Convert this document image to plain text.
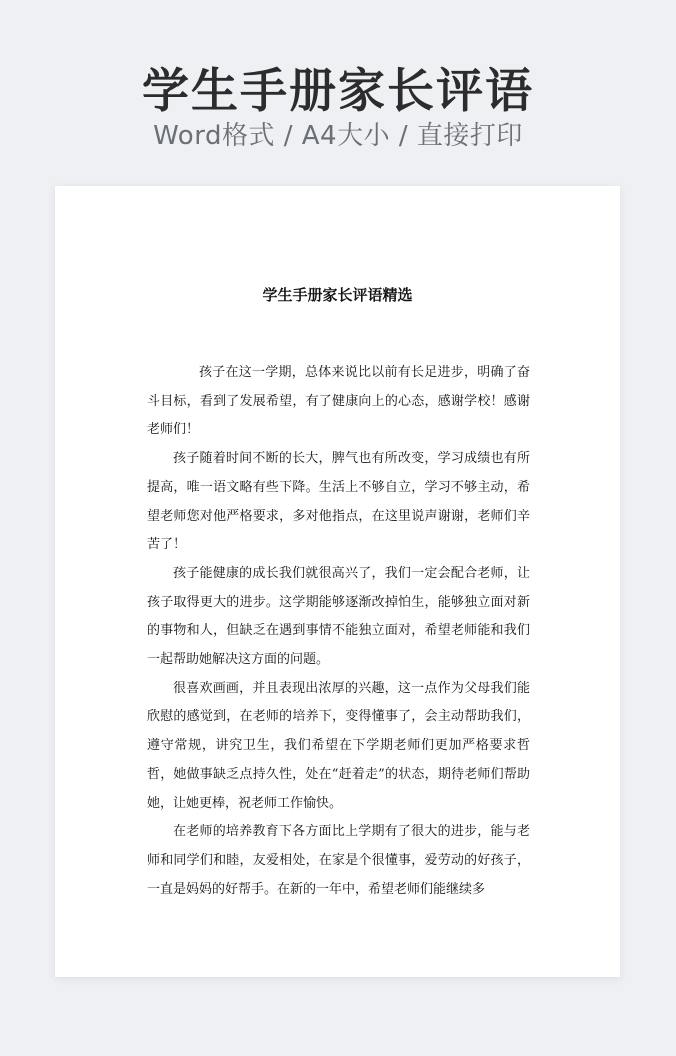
学生手册家长评语
Word格式 / A4大小 / 直接打印
学生手册家长评语精选

孩子在这一学期，总体来说比以前有长足进步，明确了奋斗目标，看到了发展希望，有了健康向上的心态，感谢学校！感谢老师们！

孩子随着时间不断的长大，脾气也有所改变，学习成绩也有所提高，唯一语文略有些下降。生活上不够自立，学习不够主动，希望老师您对他严格要求，多对他指点，在这里说声谢谢，老师们辛苦了！

孩子能健康的成长我们就很高兴了，我们一定会配合老师，让孩子取得更大的进步。这学期能够逐渐改掉怕生，能够独立面对新的事物和人，但缺乏在遇到事情不能独立面对，希望老师能和我们一起帮助她解决这方面的问题。

很喜欢画画，并且表现出浓厚的兴趣，这一点作为父母我们能欣慰的感觉到，在老师的培养下，变得懂事了，会主动帮助我们，遵守常规，讲究卫生，我们希望在下学期老师们更加严格要求哲哲，她做事缺乏点持久性，处在“赶着走”的状态，期待老师们帮助她，让她更棒，祝老师工作愉快。

在老师的培养教育下各方面比上学期有了很大的进步，能与老师和同学们和睦，友爱相处，在家是个很懂事，爱劳动的好孩子，一直是妈妈的好帮手。在新的一年中，希望老师们能继续多
